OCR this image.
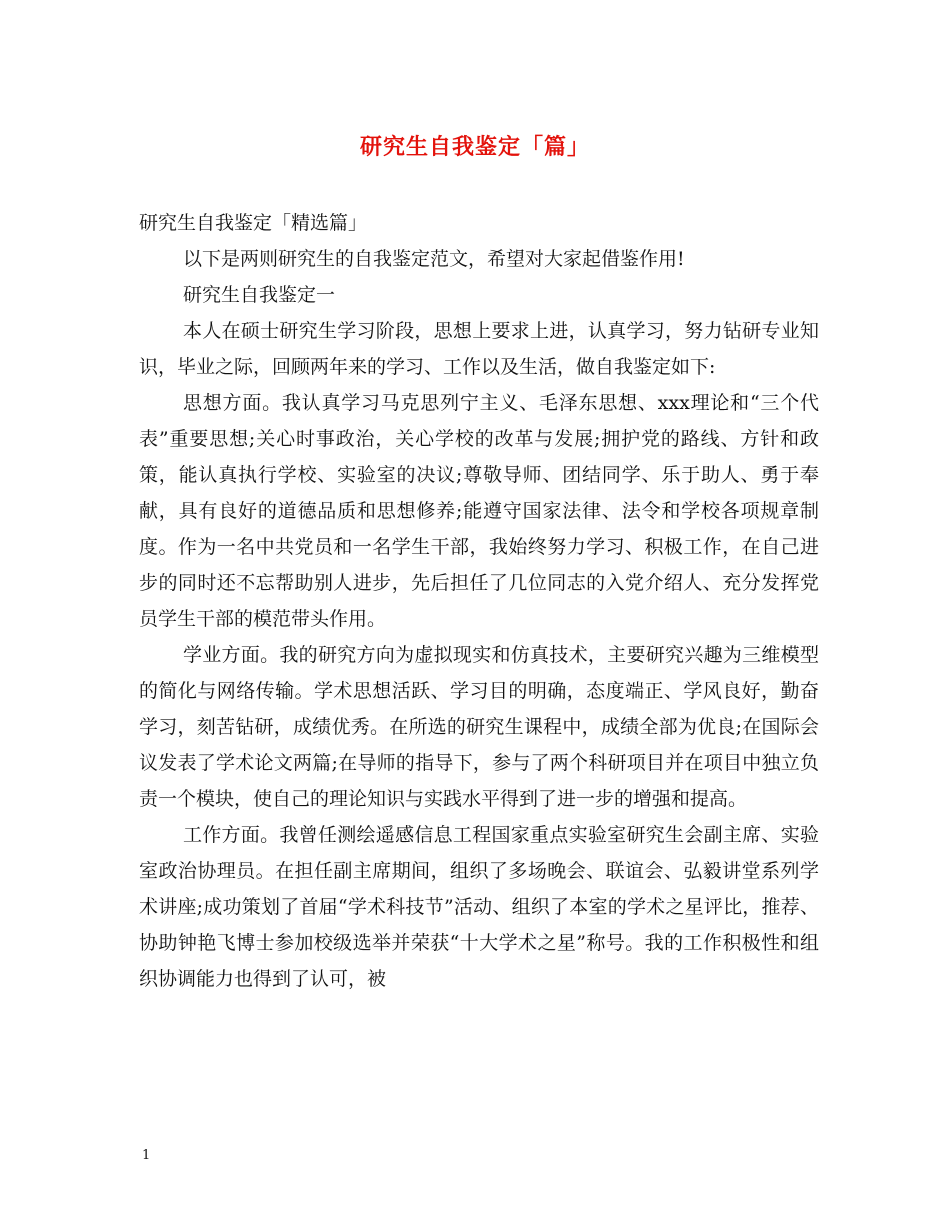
研究生自我鉴定「篇」

研究生自我鉴定「精选篇」

以下是两则研究生的自我鉴定范文，希望对大家起借鉴作用!

研究生自我鉴定一

本人在硕士研究生学习阶段，思想上要求上进，认真学习，努力钻研专业知识，毕业之际，回顾两年来的学习、工作以及生活，做自我鉴定如下:

思想方面。我认真学习马克思列宁主义、毛泽东思想、xxx理论和“三个代表”重要思想;关心时事政治，关心学校的改革与发展;拥护党的路线、方针和政策，能认真执行学校、实验室的决议;尊敬导师、团结同学、乐于助人、勇于奉献，具有良好的道德品质和思想修养;能遵守国家法律、法令和学校各项规章制度。作为一名中共党员和一名学生干部，我始终努力学习、积极工作，在自己进步的同时还不忘帮助别人进步，先后担任了几位同志的入党介绍人、充分发挥党员学生干部的模范带头作用。

学业方面。我的研究方向为虚拟现实和仿真技术，主要研究兴趣为三维模型的简化与网络传输。学术思想活跃、学习目的明确，态度端正、学风良好，勤奋学习，刻苦钻研，成绩优秀。在所选的研究生课程中，成绩全部为优良;在国际会议发表了学术论文两篇;在导师的指导下，参与了两个科研项目并在项目中独立负责一个模块，使自己的理论知识与实践水平得到了进一步的增强和提高。

工作方面。我曾任测绘遥感信息工程国家重点实验室研究生会副主席、实验室政治协理员。在担任副主席期间，组织了多场晚会、联谊会、弘毅讲堂系列学术讲座;成功策划了首届“学术科技节”活动、组织了本室的学术之星评比，推荐、协助钟艳飞博士参加校级选举并荣获“十大学术之星”称号。我的工作积极性和组织协调能力也得到了认可，被

1
